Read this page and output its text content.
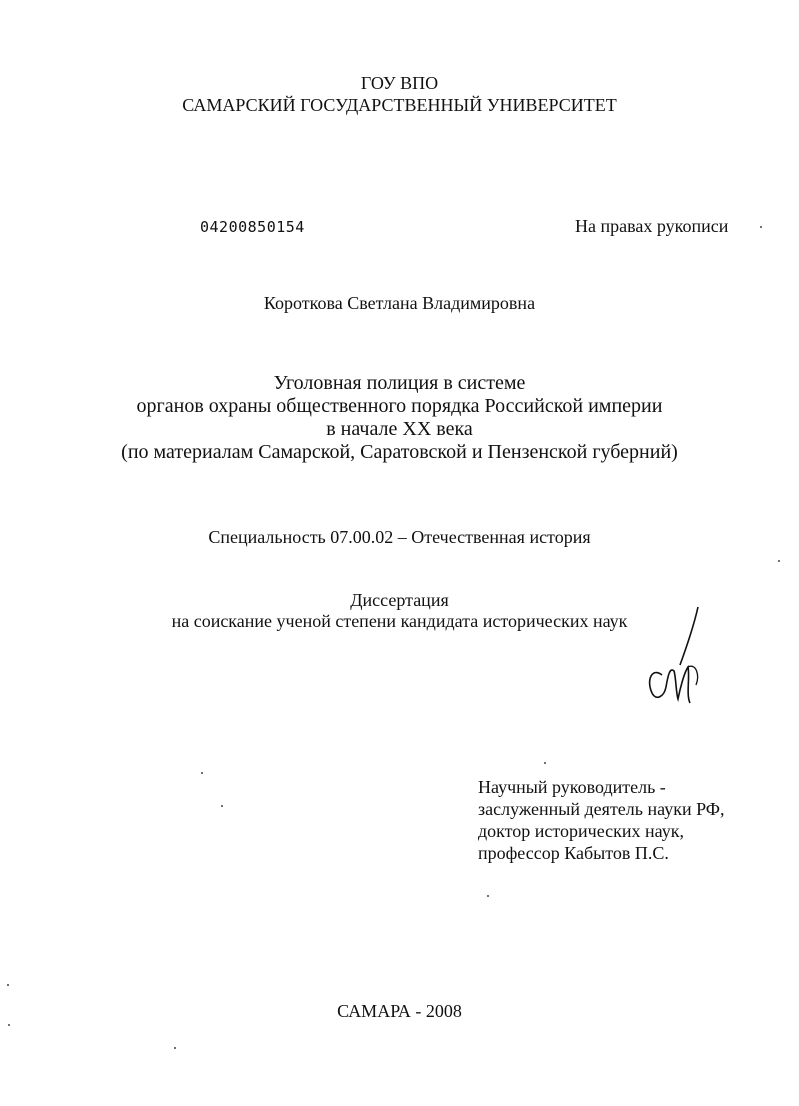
ГОУ ВПО
САМАРСКИЙ ГОСУДАРСТВЕННЫЙ УНИВЕРСИТЕТ
04200850154	На правах рукописи
Короткова Светлана Владимировна
Уголовная полиция в системе
органов охраны общественного порядка Российской империи
в начале XX века
(по материалам Самарской, Саратовской и Пензенской губерний)
Специальность 07.00.02 – Отечественная история
Диссертация
на соискание ученой степени кандидата исторических наук
Научный руководитель -
заслуженный деятель науки РФ,
доктор исторических наук,
профессор Кабытов П.С.
САМАРА - 2008
